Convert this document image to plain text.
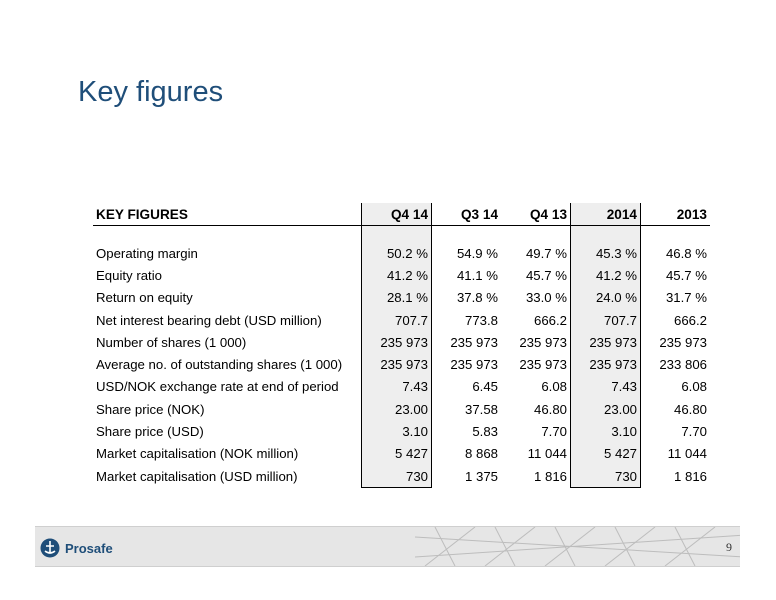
Key figures
KEY FIGURES	Q4 14	Q3 14	Q4 13	2014	2013

Operating margin	50.2 %	54.9 %	49.7 %	45.3 %	46.8 %
Equity ratio	41.2 %	41.1 %	45.7 %	41.2 %	45.7 %
Return on equity	28.1 %	37.8 %	33.0 %	24.0 %	31.7 %
Net interest bearing debt (USD million)	707.7	773.8	666.2	707.7	666.2
Number of shares (1 000)	235 973	235 973	235 973	235 973	235 973
Average no. of outstanding shares (1 000)	235 973	235 973	235 973	235 973	233 806
USD/NOK exchange rate at end of period	7.43	6.45	6.08	7.43	6.08
Share price (NOK)	23.00	37.58	46.80	23.00	46.80
Share price (USD)	3.10	5.83	7.70	3.10	7.70
Market capitalisation (NOK million)	5 427	8 868	11 044	5 427	11 044
Market capitalisation (USD million)	730	1 375	1 816	730	1 816
Prosafe	9
